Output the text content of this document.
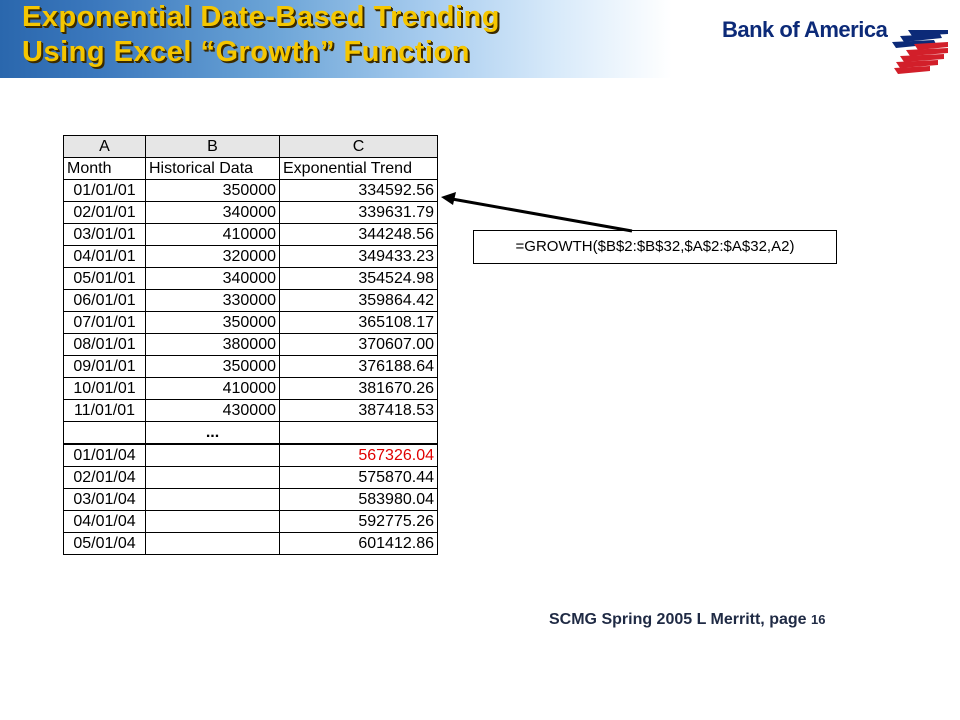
Exponential Date-Based Trending
Using Excel “Growth” Function
Bank of America
A	B	C
Month	Historical Data	Exponential Trend
01/01/01	350000	334592.56
02/01/01	340000	339631.79
03/01/01	410000	344248.56
04/01/01	320000	349433.23
05/01/01	340000	354524.98
06/01/01	330000	359864.42
07/01/01	350000	365108.17
08/01/01	380000	370607.00
09/01/01	350000	376188.64
10/01/01	410000	381670.26
11/01/01	430000	387418.53
	...	
01/01/04		567326.04
02/01/04		575870.44
03/01/04		583980.04
04/01/04		592775.26
05/01/04		601412.86
=GROWTH($B$2:$B$32,$A$2:$A$32,A2)
SCMG Spring 2005 L Merritt, page 16
